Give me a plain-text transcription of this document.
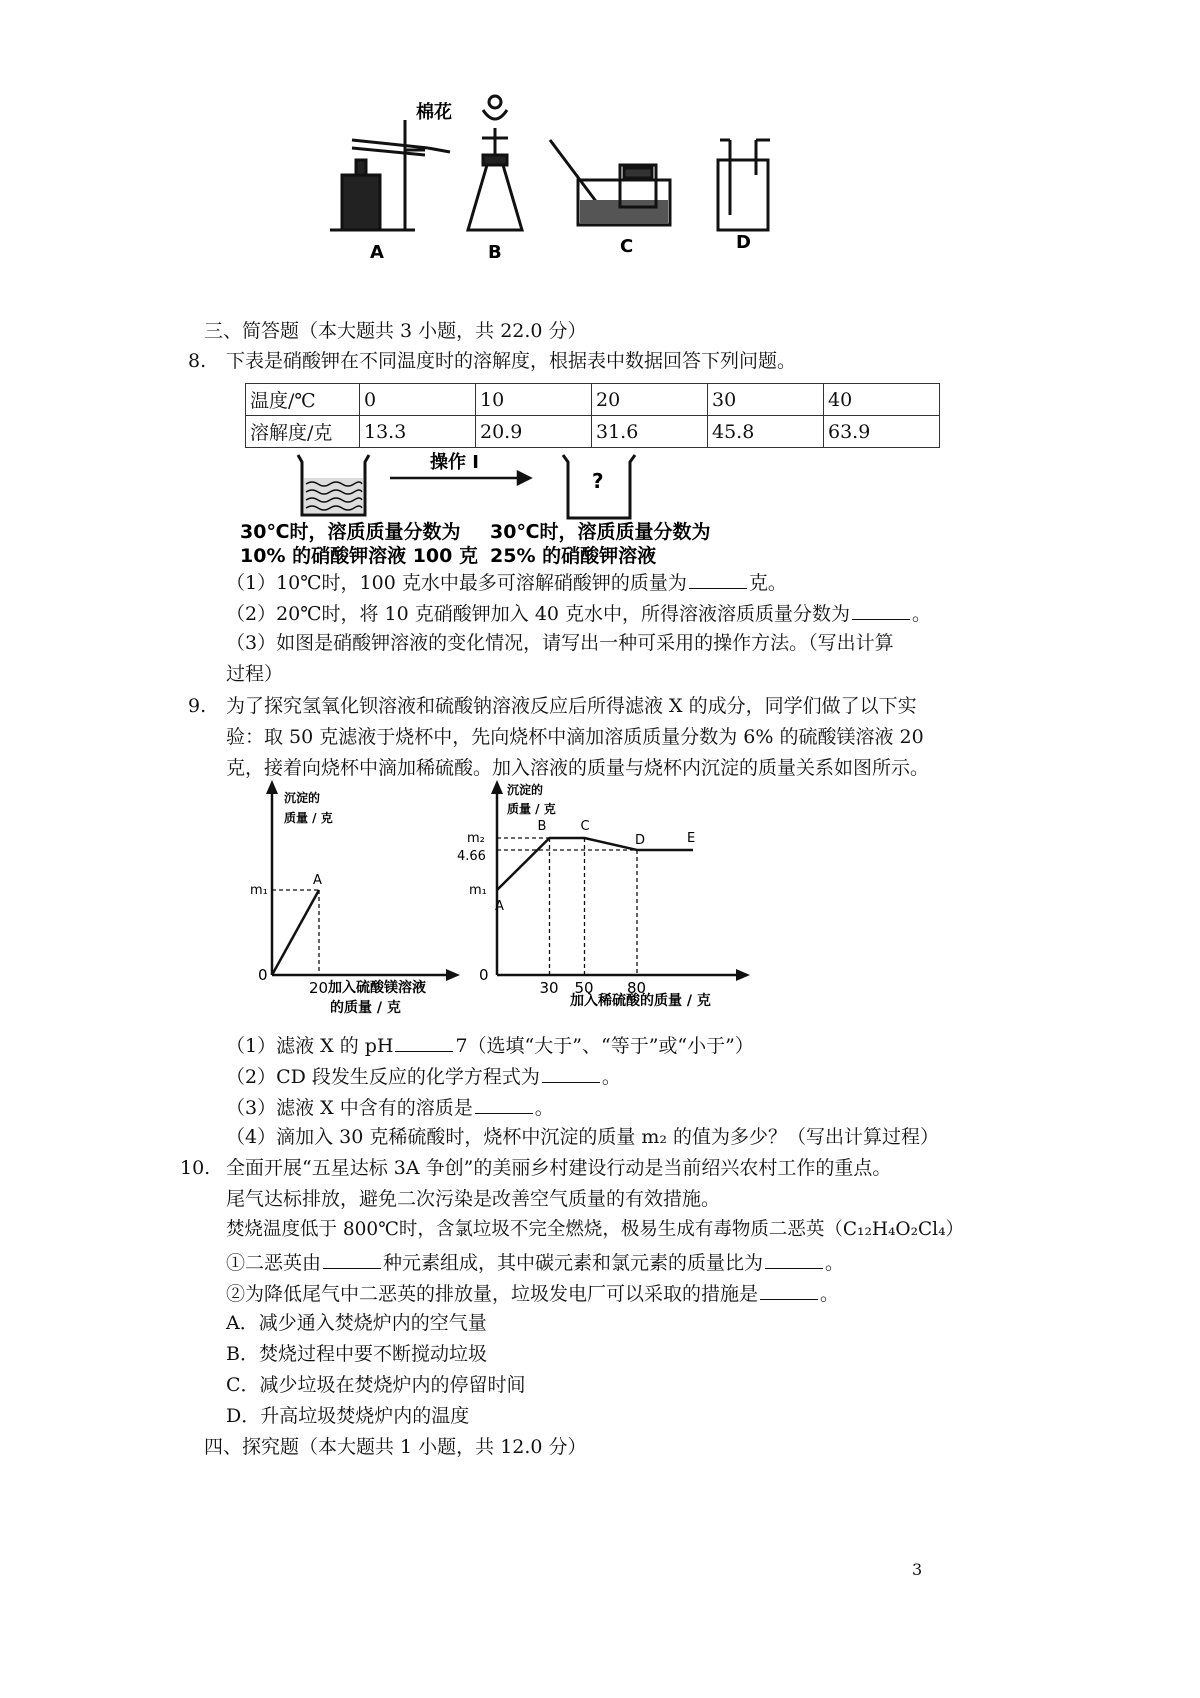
棉花
A	B	C	D
三、简答题（本大题共 3 小题，共 22.0 分）
8. 下表是硝酸钾在不同温度时的溶解度，根据表中数据回答下列问题。
温度/℃	0	10	20	30	40
溶解度/克	13.3	20.9	31.6	45.8	63.9
操作 I
?
30℃时，溶质质量分数为
10% 的硝酸钾溶液 100 克
30℃时，溶质质量分数为
25% 的硝酸钾溶液
（1）10℃时，100 克水中最多可溶解硝酸钾的质量为	克。
（2）20℃时，将 10 克硝酸钾加入 40 克水中，所得溶液溶质质量分数为	。
（3）如图是硝酸钾溶液的变化情况，请写出一种可采用的操作方法。（写出计算
过程）
9. 为了探究氢氧化钡溶液和硫酸钠溶液反应后所得滤液 X 的成分，同学们做了以下实
验：取 50 克滤液于烧杯中，先向烧杯中滴加溶质质量分数为 6% 的硫酸镁溶液 20
克，接着向烧杯中滴加稀硫酸。加入溶液的质量与烧杯内沉淀的质量关系如图所示。
沉淀的
质量 / 克
0
加入硫酸镁溶液
的质量 / 克
A
m₁
20
沉淀的
质量 / 克
0
加入稀硫酸的质量 / 克
A
B	C
D	E
m₂
4.66
m₁
30 50 80
（1）滤液 X 的 pH	7（选填“大于”、“等于”或“小于”）
（2）CD 段发生反应的化学方程式为	。
（3）滤液 X 中含有的溶质是	。
（4）滴加入 30 克稀硫酸时，烧杯中沉淀的质量 m₂ 的值为多少？（写出计算过程）
10. 全面开展“五星达标 3A 争创”的美丽乡村建设行动是当前绍兴农村工作的重点。
尾气达标排放，避免二次污染是改善空气质量的有效措施。
焚烧温度低于 800℃时，含氯垃圾不完全燃烧，极易生成有毒物质二恶英（C₁₂H₄O₂Cl₄）
①二恶英由	种元素组成，其中碳元素和氯元素的质量比为	。
②为降低尾气中二恶英的排放量，垃圾发电厂可以采取的措施是	。
A．减少通入焚烧炉内的空气量
B．焚烧过程中要不断搅动垃圾
C．减少垃圾在焚烧炉内的停留时间
D．升高垃圾焚烧炉内的温度
四、探究题（本大题共 1 小题，共 12.0 分）
3
